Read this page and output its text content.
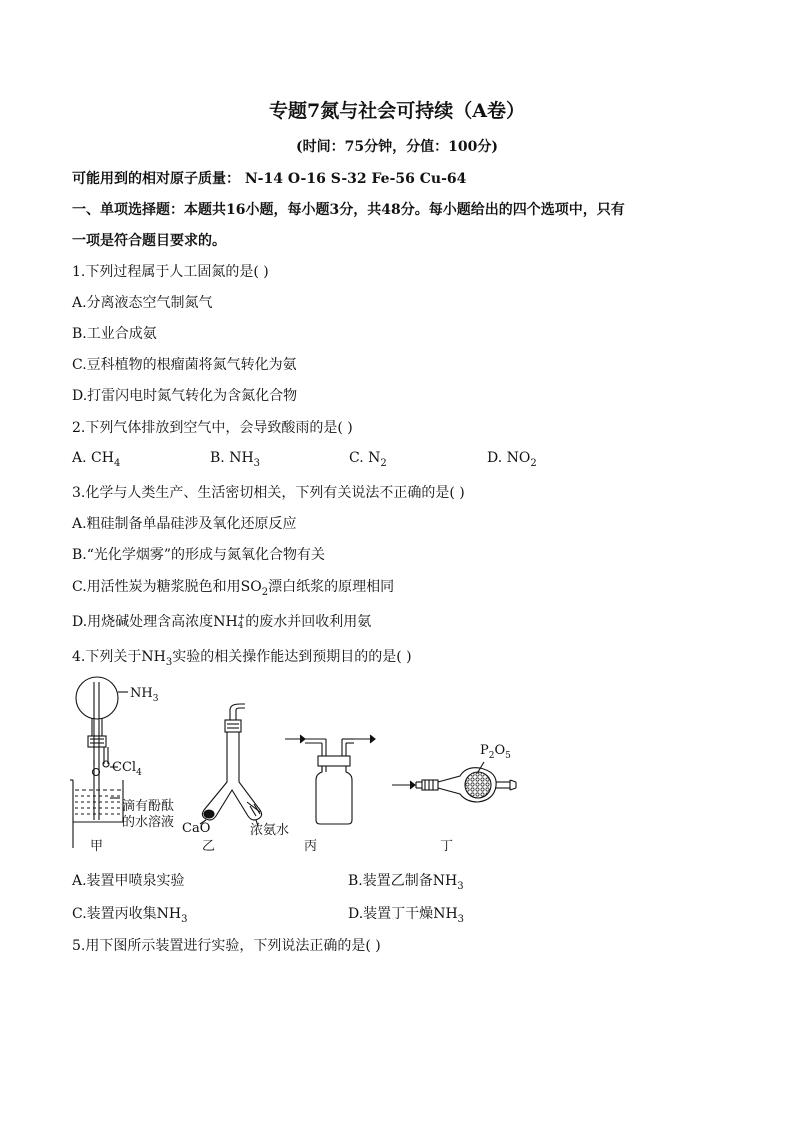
专题7氮与社会可持续（A卷）
(时间：75分钟，分值：100分)
可能用到的相对原子质量： N-14 O-16 S-32 Fe-56 Cu-64
一、单项选择题：本题共16小题，每小题3分，共48分。每小题给出的四个选项中，只有
一项是符合题目要求的。
1.下列过程属于人工固氮的是( )
A.分离液态空气制氮气
B.工业合成氨
C.豆科植物的根瘤菌将氮气转化为氨
D.打雷闪电时氮气转化为含氮化合物
2.下列气体排放到空气中，会导致酸雨的是( )
A. $CH_4$	B. $NH_3$	C. $N_2$	D. $NO_2$
3.化学与人类生产、生活密切相关，下列有关说法不正确的是( )
A.粗硅制备单晶硅涉及氧化还原反应
B.“光化学烟雾”的形成与氮氧化合物有关
C.用活性炭为糖浆脱色和用$SO_2$漂白纸浆的原理相同
D.用烧碱处理含高浓度NH +
4 的废水并回收利用氨
4.下列关于$NH_3$实验的相关操作能达到预期目的的是( )
$NH_3$
CCl$_4$
滴有酚酞
的水溶液 CaO	浓氨水
$P_2O_5$
甲	乙	丙	丁
A.装置甲喷泉实验	B.装置乙制备$NH_3$
C.装置丙收集$NH_3$	D.装置丁干燥$NH_3$
5.用下图所示装置进行实验，下列说法正确的是( )
